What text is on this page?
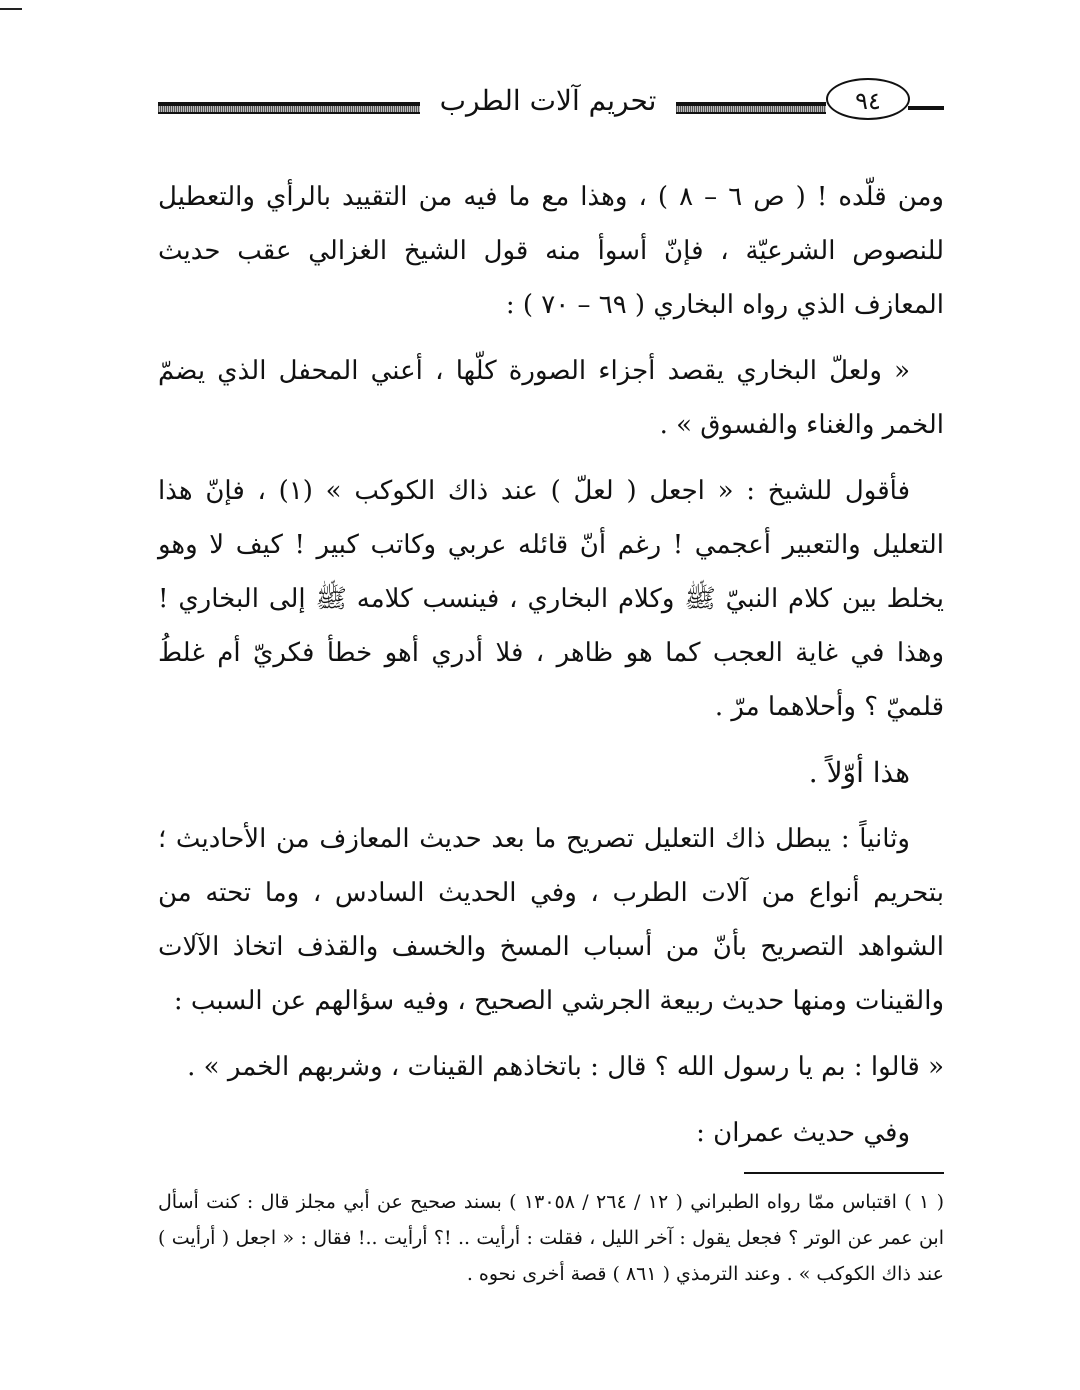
تحريم آلات الطرب	٩٤

ومن قلّده ! ( ص ٦ – ٨ ) ، وهذا مع ما فيه من التقييد بالرأي والتعطيل للنصوص الشرعيّة ، فإنّ أسوأ منه قول الشيخ الغزالي عقب حديث المعازف الذي رواه البخاري ( ٦٩ – ٧٠ ) :

« ولعلّ البخاري يقصد أجزاء الصورة كلّها ، أعني المحفل الذي يضمّ الخمر والغناء والفسوق » .

فأقول للشيخ : « اجعل ( لعلّ ) عند ذاك الكوكب » (١) ، فإنّ هذا التعليل والتعبير أعجمي ! رغم أنّ قائله عربي وكاتب كبير ! كيف لا وهو يخلط بين كلام النبيّ ﷺ وكلام البخاري ، فينسب كلامه ﷺ إلى البخاري ! وهذا في غاية العجب كما هو ظاهر ، فلا أدري أهو خطأ فكريّ أم غلطُ قلميّ ؟ وأحلاهما مرّ .

هذا أوّلاً .

وثانياً : يبطل ذاك التعليل تصريح ما بعد حديث المعازف من الأحاديث ؛ بتحريم أنواع من آلات الطرب ، وفي الحديث السادس ، وما تحته من الشواهد التصريح بأنّ من أسباب المسخ والخسف والقذف اتخاذ الآلات والقينات ومنها حديث ربيعة الجرشي الصحيح ، وفيه سؤالهم عن السبب :

« قالوا : بم يا رسول الله ؟ قال : باتخاذهم القينات ، وشربهم الخمر » .

وفي حديث عمران :

( ١ ) اقتباس ممّا رواه الطبراني ( ١٢ / ٢٦٤ / ١٣٠٥٨ ) بسند صحيح عن أبي مجلز قال : كنت أسأل ابن عمر عن الوتر ؟ فجعل يقول : آخر الليل ، فقلت : أرأيت .. !؟ أرأيت ..! فقال : « اجعل ( أرأيت ) عند ذاك الكوكب » . وعند الترمذي ( ٨٦١ ) قصة أخرى نحوه .
